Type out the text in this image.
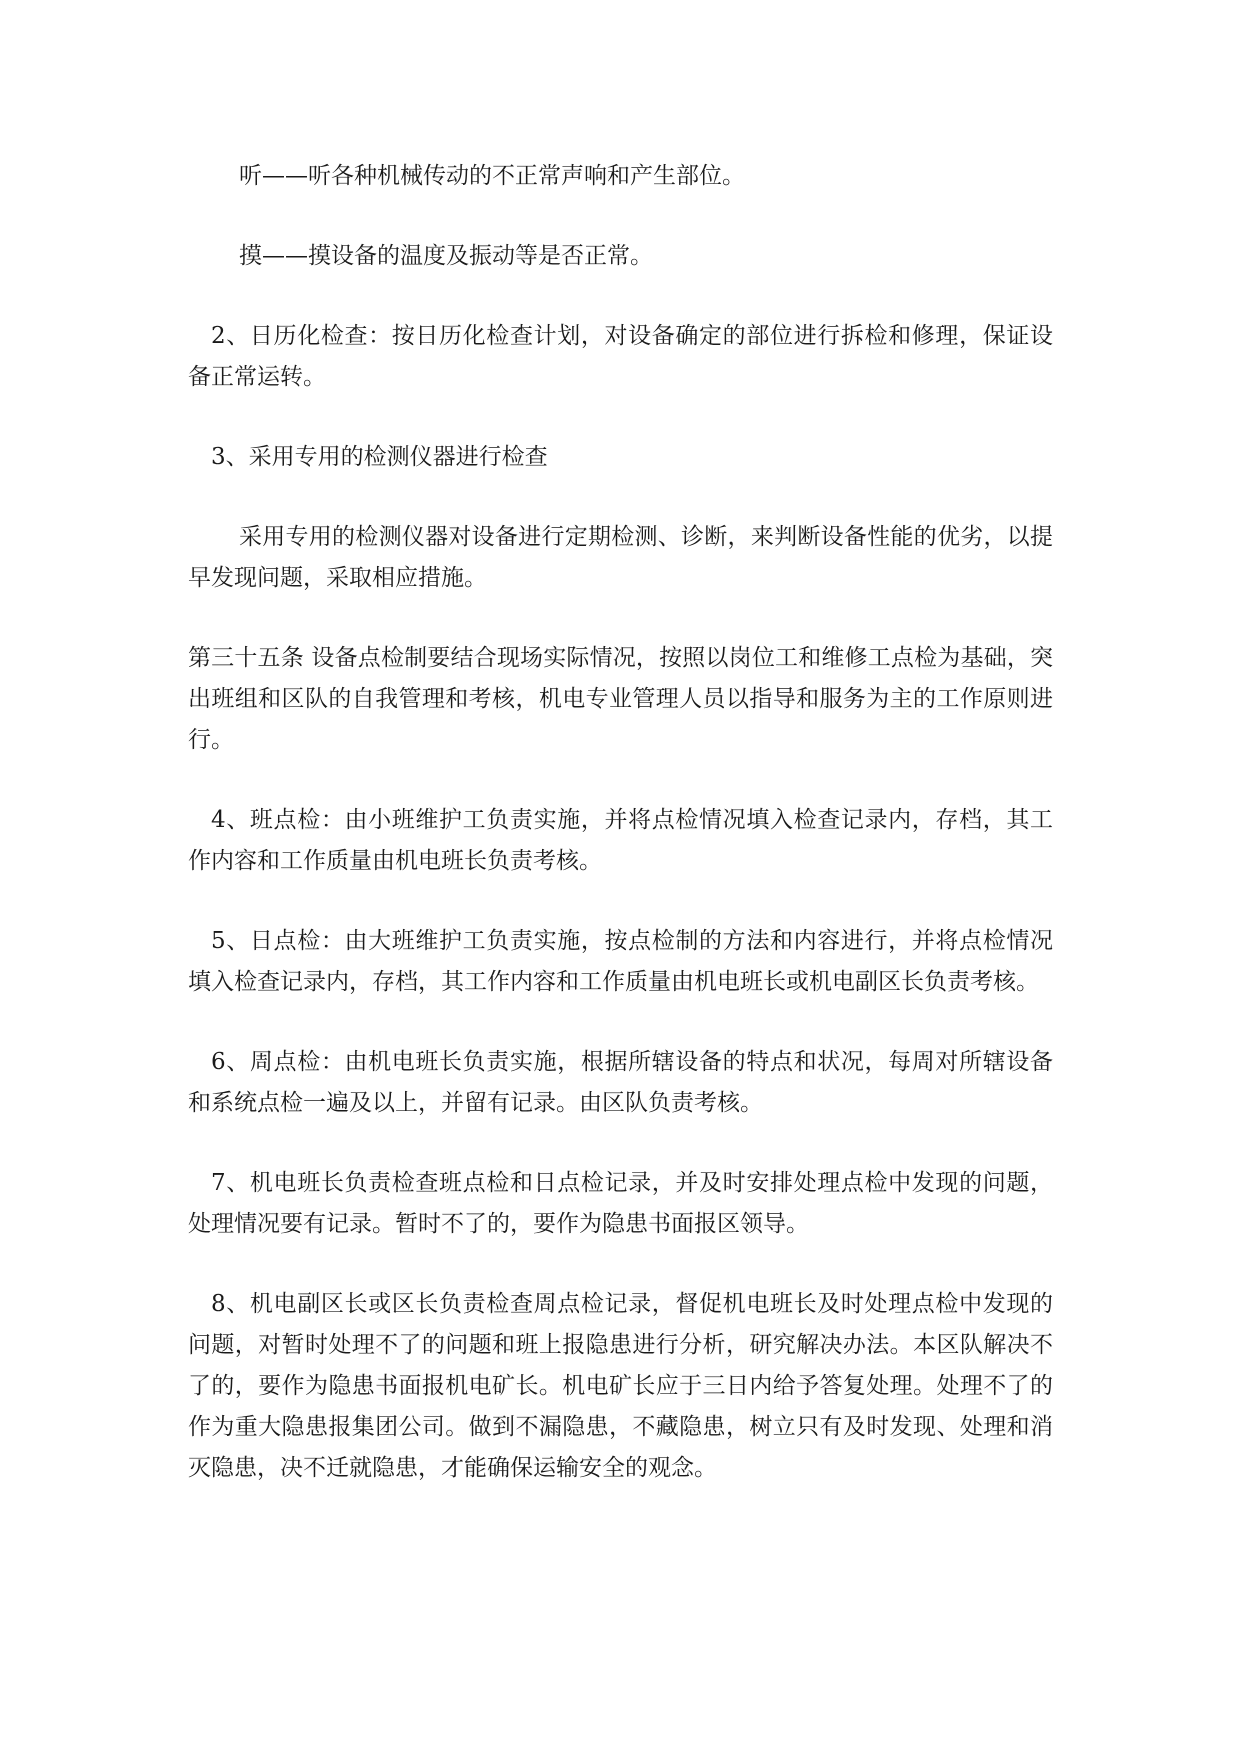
听——听各种机械传动的不正常声响和产生部位。

摸——摸设备的温度及振动等是否正常。

2、日历化检查：按日历化检查计划，对设备确定的部位进行拆检和修理，保证设备正常运转。

3、采用专用的检测仪器进行检查

采用专用的检测仪器对设备进行定期检测、诊断，来判断设备性能的优劣，以提早发现问题，采取相应措施。

第三十五条 设备点检制要结合现场实际情况，按照以岗位工和维修工点检为基础，突出班组和区队的自我管理和考核，机电专业管理人员以指导和服务为主的工作原则进行。

4、班点检：由小班维护工负责实施，并将点检情况填入检查记录内，存档，其工作内容和工作质量由机电班长负责考核。

5、日点检：由大班维护工负责实施，按点检制的方法和内容进行，并将点检情况填入检查记录内，存档，其工作内容和工作质量由机电班长或机电副区长负责考核。

6、周点检：由机电班长负责实施，根据所辖设备的特点和状况，每周对所辖设备和系统点检一遍及以上，并留有记录。由区队负责考核。

7、机电班长负责检查班点检和日点检记录，并及时安排处理点检中发现的问题，处理情况要有记录。暂时不了的，要作为隐患书面报区领导。

8、机电副区长或区长负责检查周点检记录，督促机电班长及时处理点检中发现的问题，对暂时处理不了的问题和班上报隐患进行分析，研究解决办法。本区队解决不了的，要作为隐患书面报机电矿长。机电矿长应于三日内给予答复处理。处理不了的作为重大隐患报集团公司。做到不漏隐患，不藏隐患，树立只有及时发现、处理和消灭隐患，决不迁就隐患，才能确保运输安全的观念。
